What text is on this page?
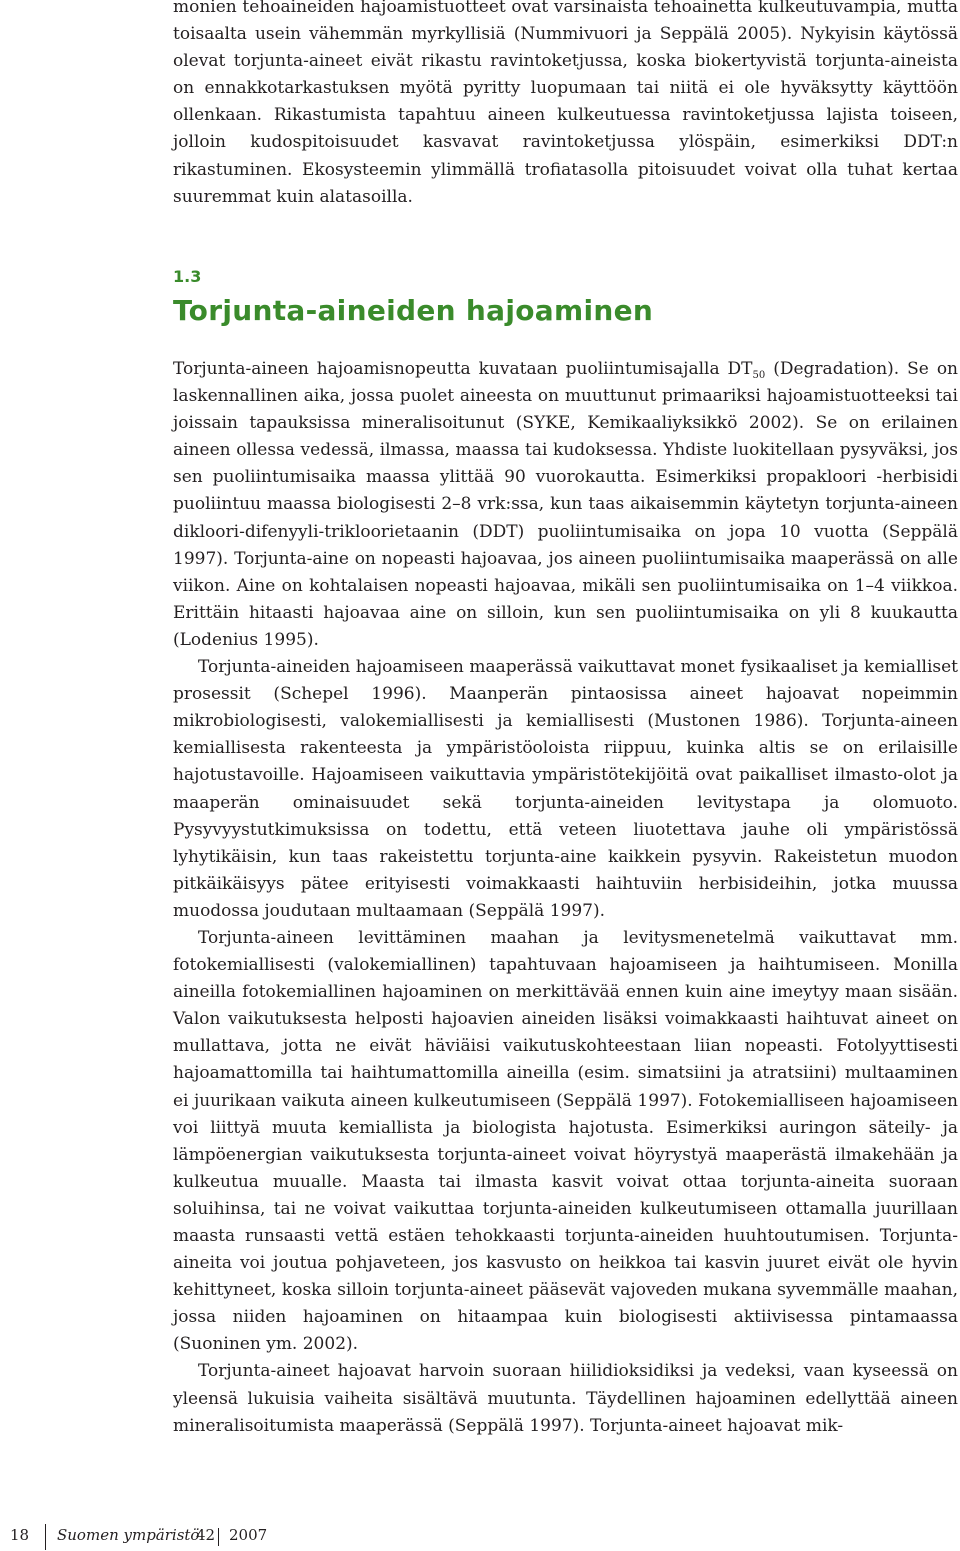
monien tehoaineiden hajoamistuotteet ovat varsinaista tehoainetta kulkeutuvampia, mutta toisaalta usein vähemmän myrkyllisiä (Nummivuori ja Seppälä 2005). Nykyisin käytössä olevat torjunta-aineet eivät rikastu ravintoketjussa, koska biokertyvistä torjunta-aineista on ennakkotarkastuksen myötä pyritty luopumaan tai niitä ei ole hyväksytty käyttöön ollenkaan. Rikastumista tapahtuu aineen kulkeutuessa ravintoketjussa lajista toiseen, jolloin kudospitoisuudet kasvavat ravintoketjussa ylöspäin, esimerkiksi DDT:n rikastuminen. Ekosysteemin ylimmällä trofiatasolla pitoisuudet voivat olla tuhat kertaa suuremmat kuin alatasoilla.

1.3
Torjunta-aineiden hajoaminen

Torjunta-aineen hajoamisnopeutta kuvataan puoliintumisajalla $DT_{50}$ (Degradation). Se on laskennallinen aika, jossa puolet aineesta on muuttunut primaariksi hajoamistuotteeksi tai joissain tapauksissa mineralisoitunut (SYKE, Kemikaaliyksikkö 2002). Se on erilainen aineen ollessa vedessä, ilmassa, maassa tai kudoksessa. Yhdiste luokitellaan pysyväksi, jos sen puoliintumisaika maassa ylittää 90 vuorokautta. Esimerkiksi propakloori -herbisidi puoliintuu maassa biologisesti 2–8 vrk:ssa, kun taas aikaisemmin käytetyn torjunta-aineen dikloori-difenyyli-trikloorietaanin (DDT) puoliintumisaika on jopa 10 vuotta (Seppälä 1997). Torjunta-aine on nopeasti hajoavaa, jos aineen puoliintumisaika maaperässä on alle viikon. Aine on kohtalaisen nopeasti hajoavaa, mikäli sen puoliintumisaika on 1–4 viikkoa. Erittäin hitaasti hajoavaa aine on silloin, kun sen puoliintumisaika on yli 8 kuukautta (Lodenius 1995).

Torjunta-aineiden hajoamiseen maaperässä vaikuttavat monet fysikaaliset ja kemialliset prosessit (Schepel 1996). Maanperän pintaosissa aineet hajoavat nopeimmin mikrobiologisesti, valokemiallisesti ja kemiallisesti (Mustonen 1986). Torjunta-aineen kemiallisesta rakenteesta ja ympäristöoloista riippuu, kuinka altis se on erilaisille hajotustavoille. Hajoamiseen vaikuttavia ympäristötekijöitä ovat paikalliset ilmasto-olot ja maaperän ominaisuudet sekä torjunta-aineiden levitystapa ja olomuoto. Pysyvyystutkimuksissa on todettu, että veteen liuotettava jauhe oli ympäristössä lyhytikäisin, kun taas rakeistettu torjunta-aine kaikkein pysyvin. Rakeistetun muodon pitkäikäisyys pätee erityisesti voimakkaasti haihtuviin herbisideihin, jotka muussa muodossa joudutaan multaamaan (Seppälä 1997).

Torjunta-aineen levittäminen maahan ja levitysmenetelmä vaikuttavat mm. fotokemiallisesti (valokemiallinen) tapahtuvaan hajoamiseen ja haihtumiseen. Monilla aineilla fotokemiallinen hajoaminen on merkittävää ennen kuin aine imeytyy maan sisään. Valon vaikutuksesta helposti hajoavien aineiden lisäksi voimakkaasti haihtuvat aineet on mullattava, jotta ne eivät häviäisi vaikutuskohteestaan liian nopeasti. Fotolyyttisesti hajoamattomilla tai haihtumattomilla aineilla (esim. simatsiini ja atratsiini) multaaminen ei juurikaan vaikuta aineen kulkeutumiseen (Seppälä 1997). Fotokemialliseen hajoamiseen voi liittyä muuta kemiallista ja biologista hajotusta. Esimerkiksi auringon säteily- ja lämpöenergian vaikutuksesta torjunta-aineet voivat höyrystyä maaperästä ilmakehään ja kulkeutua muualle. Maasta tai ilmasta kasvit voivat ottaa torjunta-aineita suoraan soluihinsa, tai ne voivat vaikuttaa torjunta-aineiden kulkeutumiseen ottamalla juurillaan maasta runsaasti vettä estäen tehokkaasti torjunta-aineiden huuhtoutumisen. Torjunta-aineita voi joutua pohjaveteen, jos kasvusto on heikkoa tai kasvin juuret eivät ole hyvin kehittyneet, koska silloin torjunta-aineet pääsevät vajoveden mukana syvemmälle maahan, jossa niiden hajoaminen on hitaampaa kuin biologisesti aktiivisessa pintamaassa (Suoninen ym. 2002).

Torjunta-aineet hajoavat harvoin suoraan hiilidioksidiksi ja vedeksi, vaan kyseessä on yleensä lukuisia vaiheita sisältävä muutunta. Täydellinen hajoaminen edellyttää aineen mineralisoitumista maaperässä (Seppälä 1997). Torjunta-aineet hajoavat mik-

18 Suomen ympäristö
42 2007
